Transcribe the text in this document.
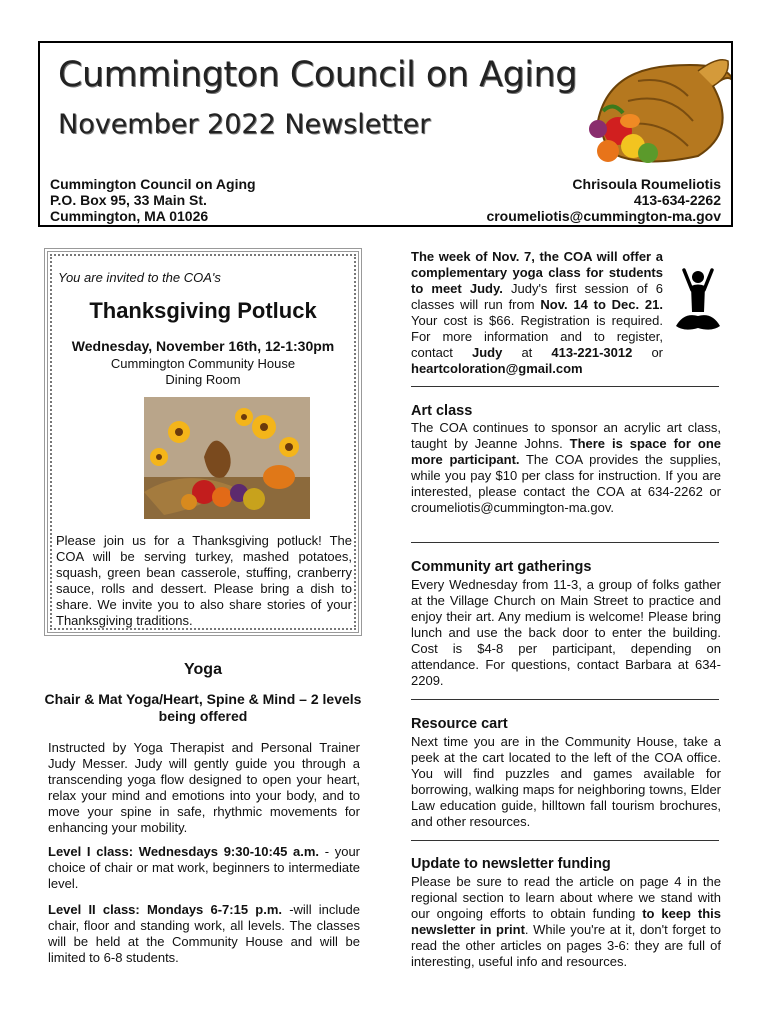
Cummington Council on Aging
November 2022 Newsletter
Cummington Council on Aging
P.O. Box 95, 33 Main St.
Cummington, MA 01026
Chrisoula Roumeliotis
413-634-2262
croumeliotis@cummington-ma.gov
You are invited to the COA's
Thanksgiving Potluck
Wednesday, November 16th, 12-1:30pm
Cummington Community House
Dining Room
Please join us for a Thanksgiving potluck! The COA will be serving turkey, mashed potatoes, squash, green bean casserole, stuffing, cranberry sauce, rolls and dessert. Please bring a dish to share. We invite you to also share stories of your Thanksgiving traditions.
Yoga
Chair & Mat Yoga/Heart, Spine & Mind – 2 levels being offered
Instructed by Yoga Therapist and Personal Trainer Judy Messer. Judy will gently guide you through a transcending yoga flow designed to open your heart, relax your mind and emotions into your body, and to move your spine in safe, rhythmic movements for enhancing your mobility.
Level I class: Wednesdays 9:30-10:45 a.m. - your choice of chair or mat work, beginners to intermediate level.
Level II class: Mondays 6-7:15 p.m. -will include chair, floor and standing work, all levels. The classes will be held at the Community House and will be limited to 6-8 students.
The week of Nov. 7, the COA will offer a complementary yoga class for students to meet Judy. Judy's first session of 6 classes will run from Nov. 14 to Dec. 21. Your cost is $66. Registration is required. For more information and to register, contact Judy at 413-221-3012 or heartcoloration@gmail.com
Art class
The COA continues to sponsor an acrylic art class, taught by Jeanne Johns. There is space for one more participant. The COA provides the supplies, while you pay $10 per class for instruction. If you are interested, please contact the COA at 634-2262 or croumeliotis@cummington-ma.gov.
Community art gatherings
Every Wednesday from 11-3, a group of folks gather at the Village Church on Main Street to practice and enjoy their art. Any medium is welcome! Please bring lunch and use the back door to enter the building. Cost is $4-8 per participant, depending on attendance. For questions, contact Barbara at 634-2209.
Resource cart
Next time you are in the Community House, take a peek at the cart located to the left of the COA office. You will find puzzles and games available for borrowing, walking maps for neighboring towns, Elder Law education guide, hilltown fall tourism brochures, and other resources.
Update to newsletter funding
Please be sure to read the article on page 4 in the regional section to learn about where we stand with our ongoing efforts to obtain funding to keep this newsletter in print. While you're at it, don't forget to read the other articles on pages 3-6: they are full of interesting, useful info and resources.
